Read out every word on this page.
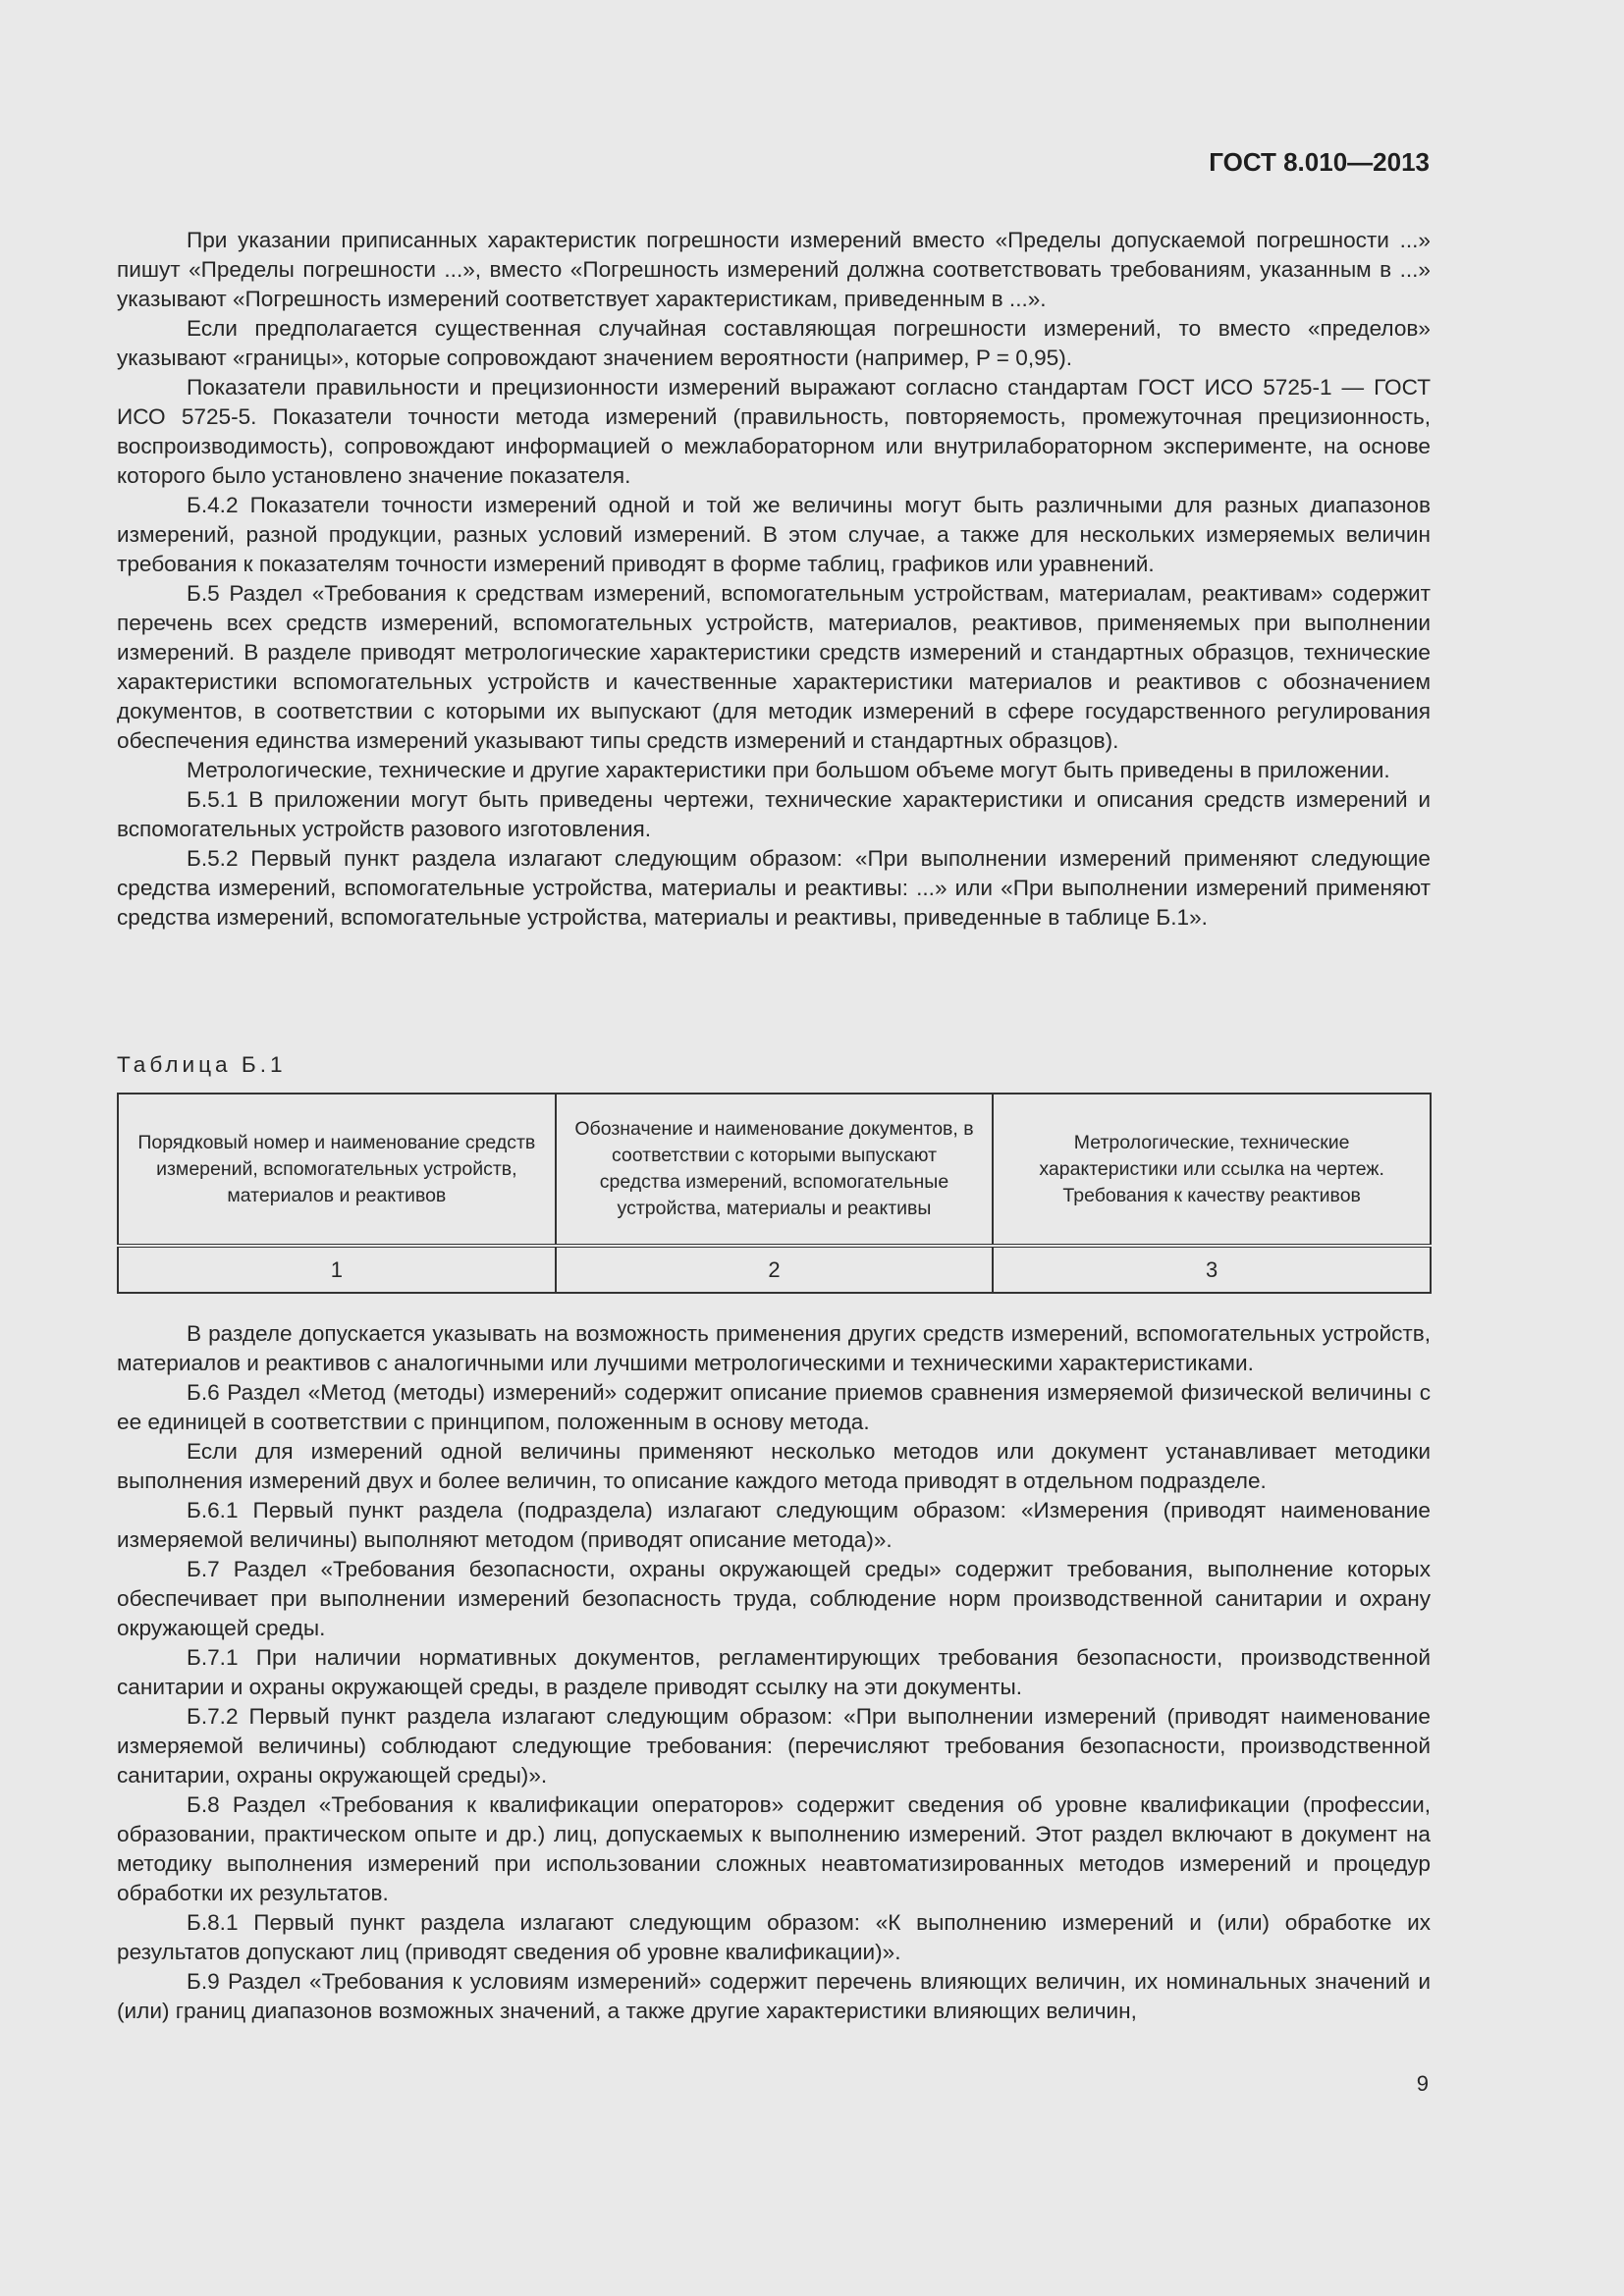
ГОСТ 8.010—2013

При указании приписанных характеристик погрешности измерений вместо «Пределы допускаемой погрешности ...» пишут «Пределы погрешности ...», вместо «Погрешность измерений должна соответствовать требованиям, указанным в ...» указывают «Погрешность измерений соответствует характеристикам, приведенным в ...».

Если предполагается существенная случайная составляющая погрешности измерений, то вместо «пределов» указывают «границы», которые сопровождают значением вероятности (например, P = 0,95).

Показатели правильности и прецизионности измерений выражают согласно стандартам ГОСТ ИСО 5725-1 — ГОСТ ИСО 5725-5. Показатели точности метода измерений (правильность, повторяемость, промежуточная прецизионность, воспроизводимость), сопровождают информацией о межлабораторном или внутрилабораторном эксперименте, на основе которого было установлено значение показателя.

Б.4.2 Показатели точности измерений одной и той же величины могут быть различными для разных диапазонов измерений, разной продукции, разных условий измерений. В этом случае, а также для нескольких измеряемых величин требования к показателям точности измерений приводят в форме таблиц, графиков или уравнений.

Б.5 Раздел «Требования к средствам измерений, вспомогательным устройствам, материалам, реактивам» содержит перечень всех средств измерений, вспомогательных устройств, материалов, реактивов, применяемых при выполнении измерений. В разделе приводят метрологические характеристики средств измерений и стандартных образцов, технические характеристики вспомогательных устройств и качественные характеристики материалов и реактивов с обозначением документов, в соответствии с которыми их выпускают (для методик измерений в сфере государственного регулирования обеспечения единства измерений указывают типы средств измерений и стандартных образцов).

Метрологические, технические и другие характеристики при большом объеме могут быть приведены в приложении.

Б.5.1 В приложении могут быть приведены чертежи, технические характеристики и описания средств измерений и вспомогательных устройств разового изготовления.

Б.5.2 Первый пункт раздела излагают следующим образом: «При выполнении измерений применяют следующие средства измерений, вспомогательные устройства, материалы и реактивы: ...» или «При выполнении измерений применяют средства измерений, вспомогательные устройства, материалы и реактивы, приведенные в таблице Б.1».

Таблица Б.1
Порядковый номер и наименование средств измерений, вспомогательных устройств, материалов и реактивов	Обозначение и наименование документов, в соответствии с которыми выпускают средства измерений, вспомогательные устройства, материалы и реактивы	Метрологические, технические характеристики или ссылка на чертеж. Требования к качеству реактивов
1	2	3

В разделе допускается указывать на возможность применения других средств измерений, вспомогательных устройств, материалов и реактивов с аналогичными или лучшими метрологическими и техническими характеристиками.

Б.6 Раздел «Метод (методы) измерений» содержит описание приемов сравнения измеряемой физической величины с ее единицей в соответствии с принципом, положенным в основу метода.

Если для измерений одной величины применяют несколько методов или документ устанавливает методики выполнения измерений двух и более величин, то описание каждого метода приводят в отдельном подразделе.

Б.6.1 Первый пункт раздела (подраздела) излагают следующим образом: «Измерения (приводят наименование измеряемой величины) выполняют методом (приводят описание метода)».

Б.7 Раздел «Требования безопасности, охраны окружающей среды» содержит требования, выполнение которых обеспечивает при выполнении измерений безопасность труда, соблюдение норм производственной санитарии и охрану окружающей среды.

Б.7.1 При наличии нормативных документов, регламентирующих требования безопасности, производственной санитарии и охраны окружающей среды, в разделе приводят ссылку на эти документы.

Б.7.2 Первый пункт раздела излагают следующим образом: «При выполнении измерений (приводят наименование измеряемой величины) соблюдают следующие требования: (перечисляют требования безопасности, производственной санитарии, охраны окружающей среды)».

Б.8 Раздел «Требования к квалификации операторов» содержит сведения об уровне квалификации (профессии, образовании, практическом опыте и др.) лиц, допускаемых к выполнению измерений. Этот раздел включают в документ на методику выполнения измерений при использовании сложных неавтоматизированных методов измерений и процедур обработки их результатов.

Б.8.1 Первый пункт раздела излагают следующим образом: «К выполнению измерений и (или) обработке их результатов допускают лиц (приводят сведения об уровне квалификации)».

Б.9 Раздел «Требования к условиям измерений» содержит перечень влияющих величин, их номинальных значений и (или) границ диапазонов возможных значений, а также другие характеристики влияющих величин,

9
